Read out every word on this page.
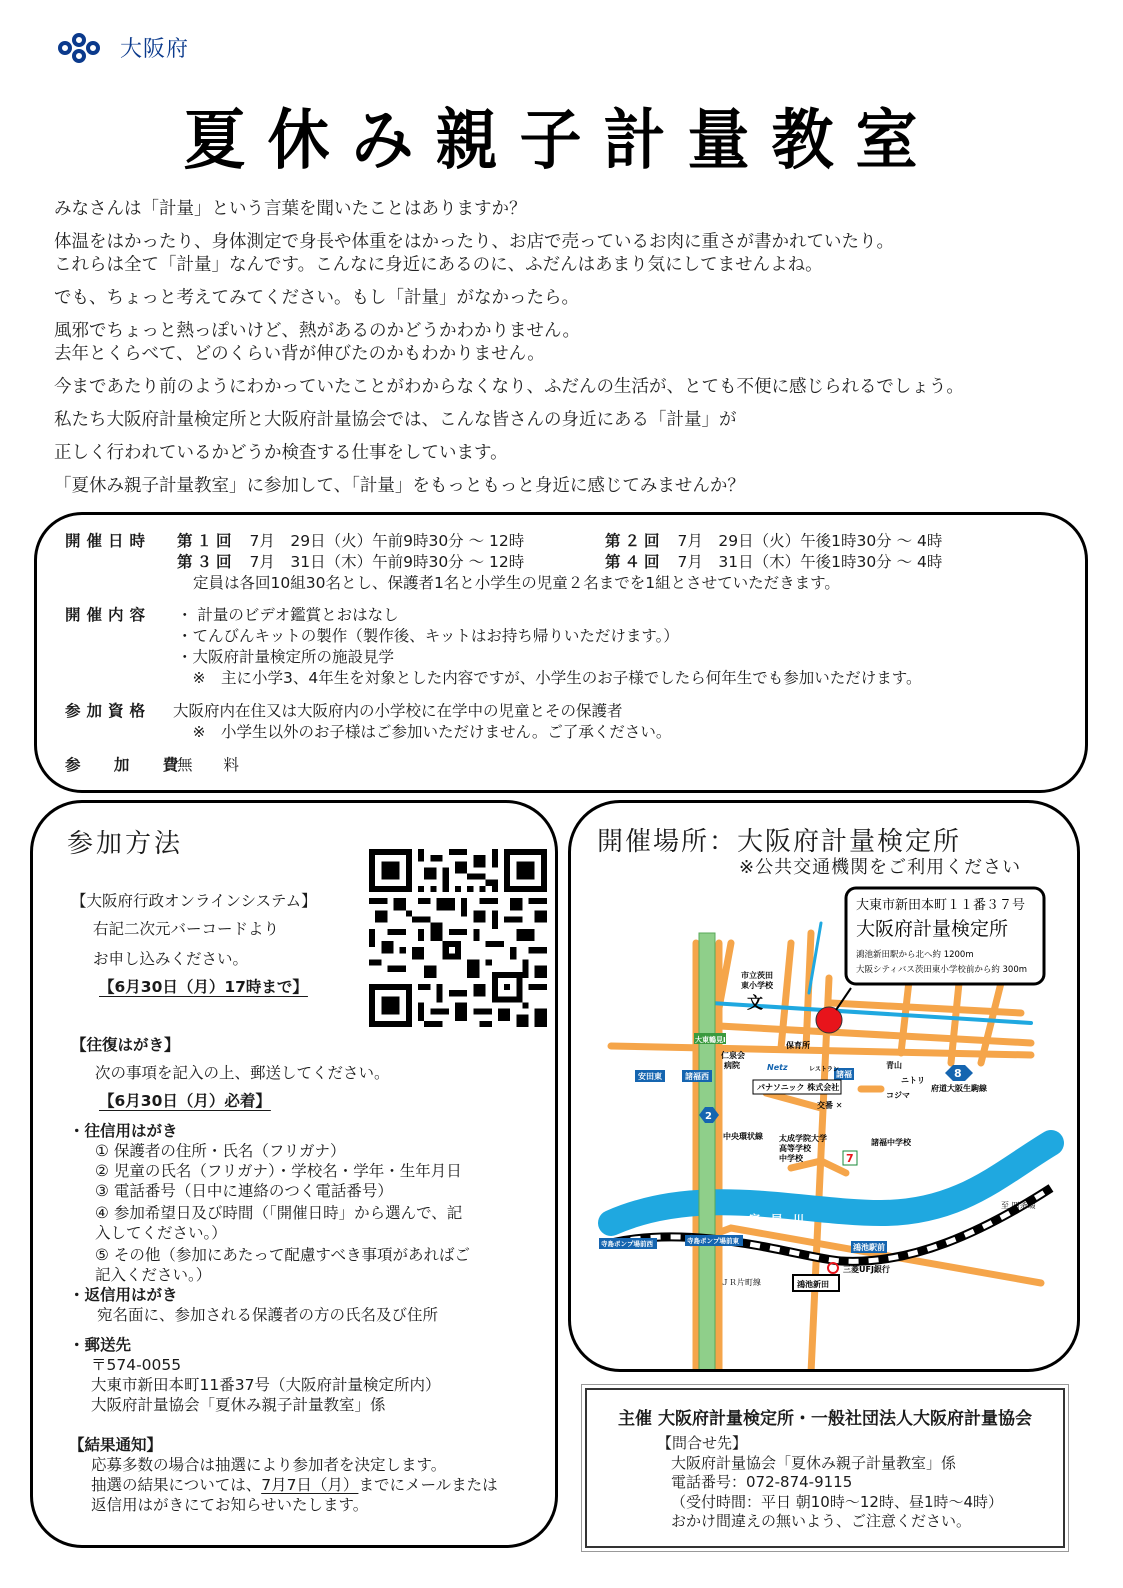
大阪府
夏休み親子計量教室

みなさんは「計量」という言葉を聞いたことはありますか？

体温をはかったり、身体測定で身長や体重をはかったり、お店で売っているお肉に重さが書かれていたり。

これらは全て「計量」なんです。こんなに身近にあるのに、ふだんはあまり気にしてませんよね。

でも、ちょっと考えてみてください。もし「計量」がなかったら。

風邪でちょっと熱っぽいけど、熱があるのかどうかわかりません。

去年とくらべて、どのくらい背が伸びたのかもわかりません。

今まであたり前のようにわかっていたことがわからなくなり、ふだんの生活が、とても不便に感じられるでしょう。

私たち大阪府計量検定所と大阪府計量協会では、こんな皆さんの身近にある「計量」が

正しく行われているかどうか検査する仕事をしています。

「夏休み親子計量教室」に参加して、「計量」をもっともっと身近に感じてみませんか？

開催日時	第１回 7月　29日（火）午前9時30分 ～ 12時	第２回 7月　29日（火）午後1時30分 ～ 4時
第３回 7月　31日（木）午前9時30分 ～ 12時	第４回 7月　31日（木）午後1時30分 ～ 4時
定員は各回10組30名とし、保護者1名と小学生の児童２名までを1組とさせていただきます。
開催内容	・ 計量のビデオ鑑賞とおはなし
・てんびんキットの製作（製作後、キットはお持ち帰りいただけます。）
・大阪府計量検定所の施設見学
　※　主に小学3、4年生を対象とした内容ですが、小学生のお子様でしたら何年生でも参加いただけます。
参加資格	大阪府内在住又は大阪府内の小学校に在学中の児童とその保護者
　※　小学生以外のお子様はご参加いただけません。ご了承ください。
参 加 費
無　　料
参加方法
【大阪府行政オンラインシステム】
右記二次元バーコードより
お申し込みください。
【6月30日（月）17時まで】
【往復はがき】
次の事項を記入の上、郵送してください。
【6月30日（月）必着】
・往信用はがき
① 保護者の住所・氏名（フリガナ）
② 児童の氏名（フリガナ）・学校名・学年・生年月日
③ 電話番号（日中に連絡のつく電話番号）
④ 参加希望日及び時間（「開催日時」から選んで、記
入してください。）
⑤ その他（参加にあたって配慮すべき事項があればご
記入ください。）
・返信用はがき
宛名面に、参加される保護者の方の氏名及び住所
・郵送先
〒574-0055
大東市新田本町11番37号（大阪府計量検定所内）
大阪府計量協会「夏休み親子計量教室」係
【結果通知】
応募多数の場合は抽選により参加者を決定します。
抽選の結果については、7月7日（月）までにメールまたは
返信用はがきにてお知らせいたします。
開催場所：大阪府計量検定所
※公共交通機関をご利用ください
大東市新田本町１１番３７号
大阪府計量検定所
鴻池新田駅から北へ約 1200m
大阪シティバス茨田東小学校前から約 300m
市立茨田
東小学校
文
大東鶴見IC
安田東	諸福西	諸福
仁泉会
病院	Netz
保育所
レストラン	青山
ニトリ
コジマ
8
府道大阪生駒線
パナソニック 株式会社
交番 ✕
2
中央環状線 太成学院大学
高等学校
中学校
諸福中学校
7
寝　屋　川
寺島ポンプ場前西	寺島ポンプ場前東
鴻池駅前
三菱UFJ銀行
鴻池新田
ＪＲ片町線
至 四条畷
主催 大阪府計量検定所・一般社団法人大阪府計量協会
【問合せ先】
大阪府計量協会「夏休み親子計量教室」係
電話番号：072-874-9115
（受付時間：平日 朝10時～12時、昼1時～4時）
おかけ間違えの無いよう、ご注意ください。
